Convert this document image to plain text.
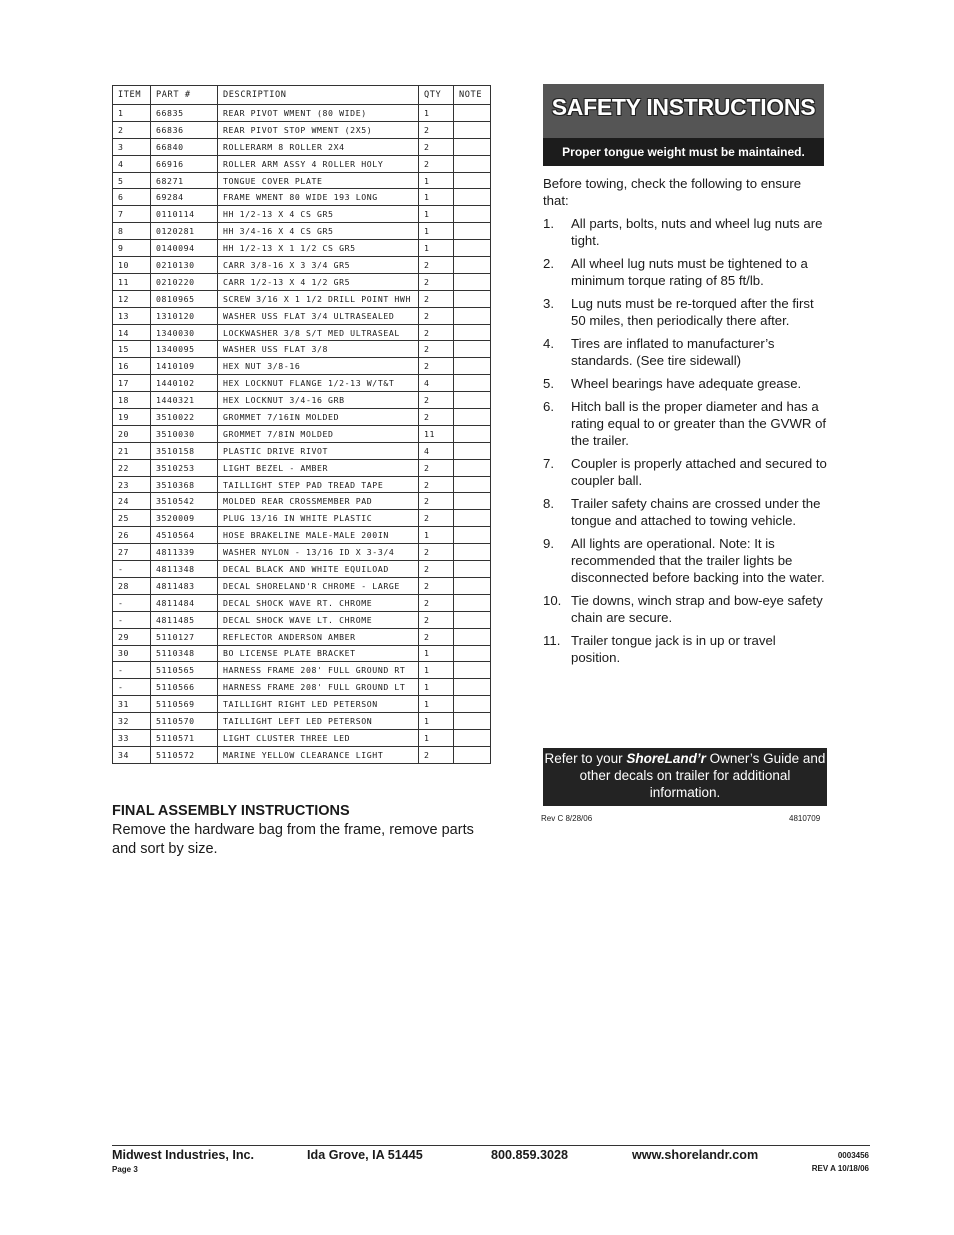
ITEM	PART #	DESCRIPTION	QTY	NOTE
1	66835	REAR PIVOT WMENT (80 WIDE)	1	
2	66836	REAR PIVOT STOP WMENT (2X5)	2	
3	66840	ROLLERARM 8 ROLLER 2X4	2	
4	66916	ROLLER ARM ASSY 4 ROLLER HOLY	2	
5	68271	TONGUE COVER PLATE	1	
6	69284	FRAME WMENT 80 WIDE 193 LONG	1	
7	0110114	HH 1/2-13 X 4 CS GR5	1	
8	0120281	HH 3/4-16 X 4 CS GR5	1	
9	0140094	HH 1/2-13 X 1 1/2 CS GR5	1	
10	0210130	CARR 3/8-16 X 3 3/4 GR5	2	
11	0210220	CARR 1/2-13 X 4 1/2 GR5	2	
12	0810965	SCREW 3/16 X 1 1/2 DRILL POINT HWH	2	
13	1310120	WASHER USS FLAT 3/4 ULTRASEALED	2	
14	1340030	LOCKWASHER 3/8 S/T MED ULTRASEAL	2	
15	1340095	WASHER USS FLAT 3/8	2	
16	1410109	HEX NUT 3/8-16	2	
17	1440102	HEX LOCKNUT FLANGE 1/2-13 W/T&T	4	
18	1440321	HEX LOCKNUT 3/4-16 GRB	2	
19	3510022	GROMMET 7/16IN MOLDED	2	
20	3510030	GROMMET 7/8IN MOLDED	11	
21	3510158	PLASTIC DRIVE RIVOT	4	
22	3510253	LIGHT BEZEL - AMBER	2	
23	3510368	TAILLIGHT STEP PAD TREAD TAPE	2	
24	3510542	MOLDED REAR CROSSMEMBER PAD	2	
25	3520009	PLUG 13/16 IN WHITE PLASTIC	2	
26	4510564	HOSE BRAKELINE MALE-MALE 200IN	1	
27	4811339	WASHER NYLON - 13/16 ID X 3-3/4	2	
-	4811348	DECAL BLACK AND WHITE EQUILOAD	2	
28	4811483	DECAL SHORELAND'R CHROME - LARGE	2	
-	4811484	DECAL SHOCK WAVE RT. CHROME	2	
-	4811485	DECAL SHOCK WAVE LT. CHROME	2	
29	5110127	REFLECTOR ANDERSON AMBER	2	
30	5110348	BO LICENSE PLATE BRACKET	1	
-	5110565	HARNESS FRAME 208' FULL GROUND RT	1	
-	5110566	HARNESS FRAME 208' FULL GROUND LT	1	
31	5110569	TAILLIGHT RIGHT LED PETERSON	1	
32	5110570	TAILLIGHT LEFT LED PETERSON	1	
33	5110571	LIGHT CLUSTER THREE LED	1	
34	5110572	MARINE YELLOW CLEARANCE LIGHT	2	
FINAL ASSEMBLY INSTRUCTIONS
Remove the hardware bag from the frame, remove parts and sort by size.
SAFETY INSTRUCTIONS
Proper tongue weight must be maintained.
Before towing, check the following to ensure that:
1. All parts, bolts, nuts and wheel lug nuts are tight.
2. All wheel lug nuts must be tightened to a minimum torque rating of 85 ft/lb.
3. Lug nuts must be re-torqued after the first 50 miles, then periodically there after.
4. Tires are inflated to manufacturer’s standards. (See tire sidewall)
5. Wheel bearings have adequate grease.
6. Hitch ball is the proper diameter and has a rating equal to or greater than the GVWR of the trailer.
7. Coupler is properly attached and secured to coupler ball.
8. Trailer safety chains are crossed under the tongue and attached to towing vehicle.
9. All lights are operational. Note: It is recommended that the trailer lights be disconnected before backing into the water.
10. Tie downs, winch strap and bow-eye safety chain are secure.
11. Trailer tongue jack is in up or travel position.
Refer to your ShoreLand’r Owner’s Guide and other decals on trailer for additional information.
Rev C 8/28/06	4810709
Midwest Industries, Inc.	Ida Grove, IA 51445	800.859.3028	www.shorelandr.com
Page 3
0003456
REV A 10/18/06
